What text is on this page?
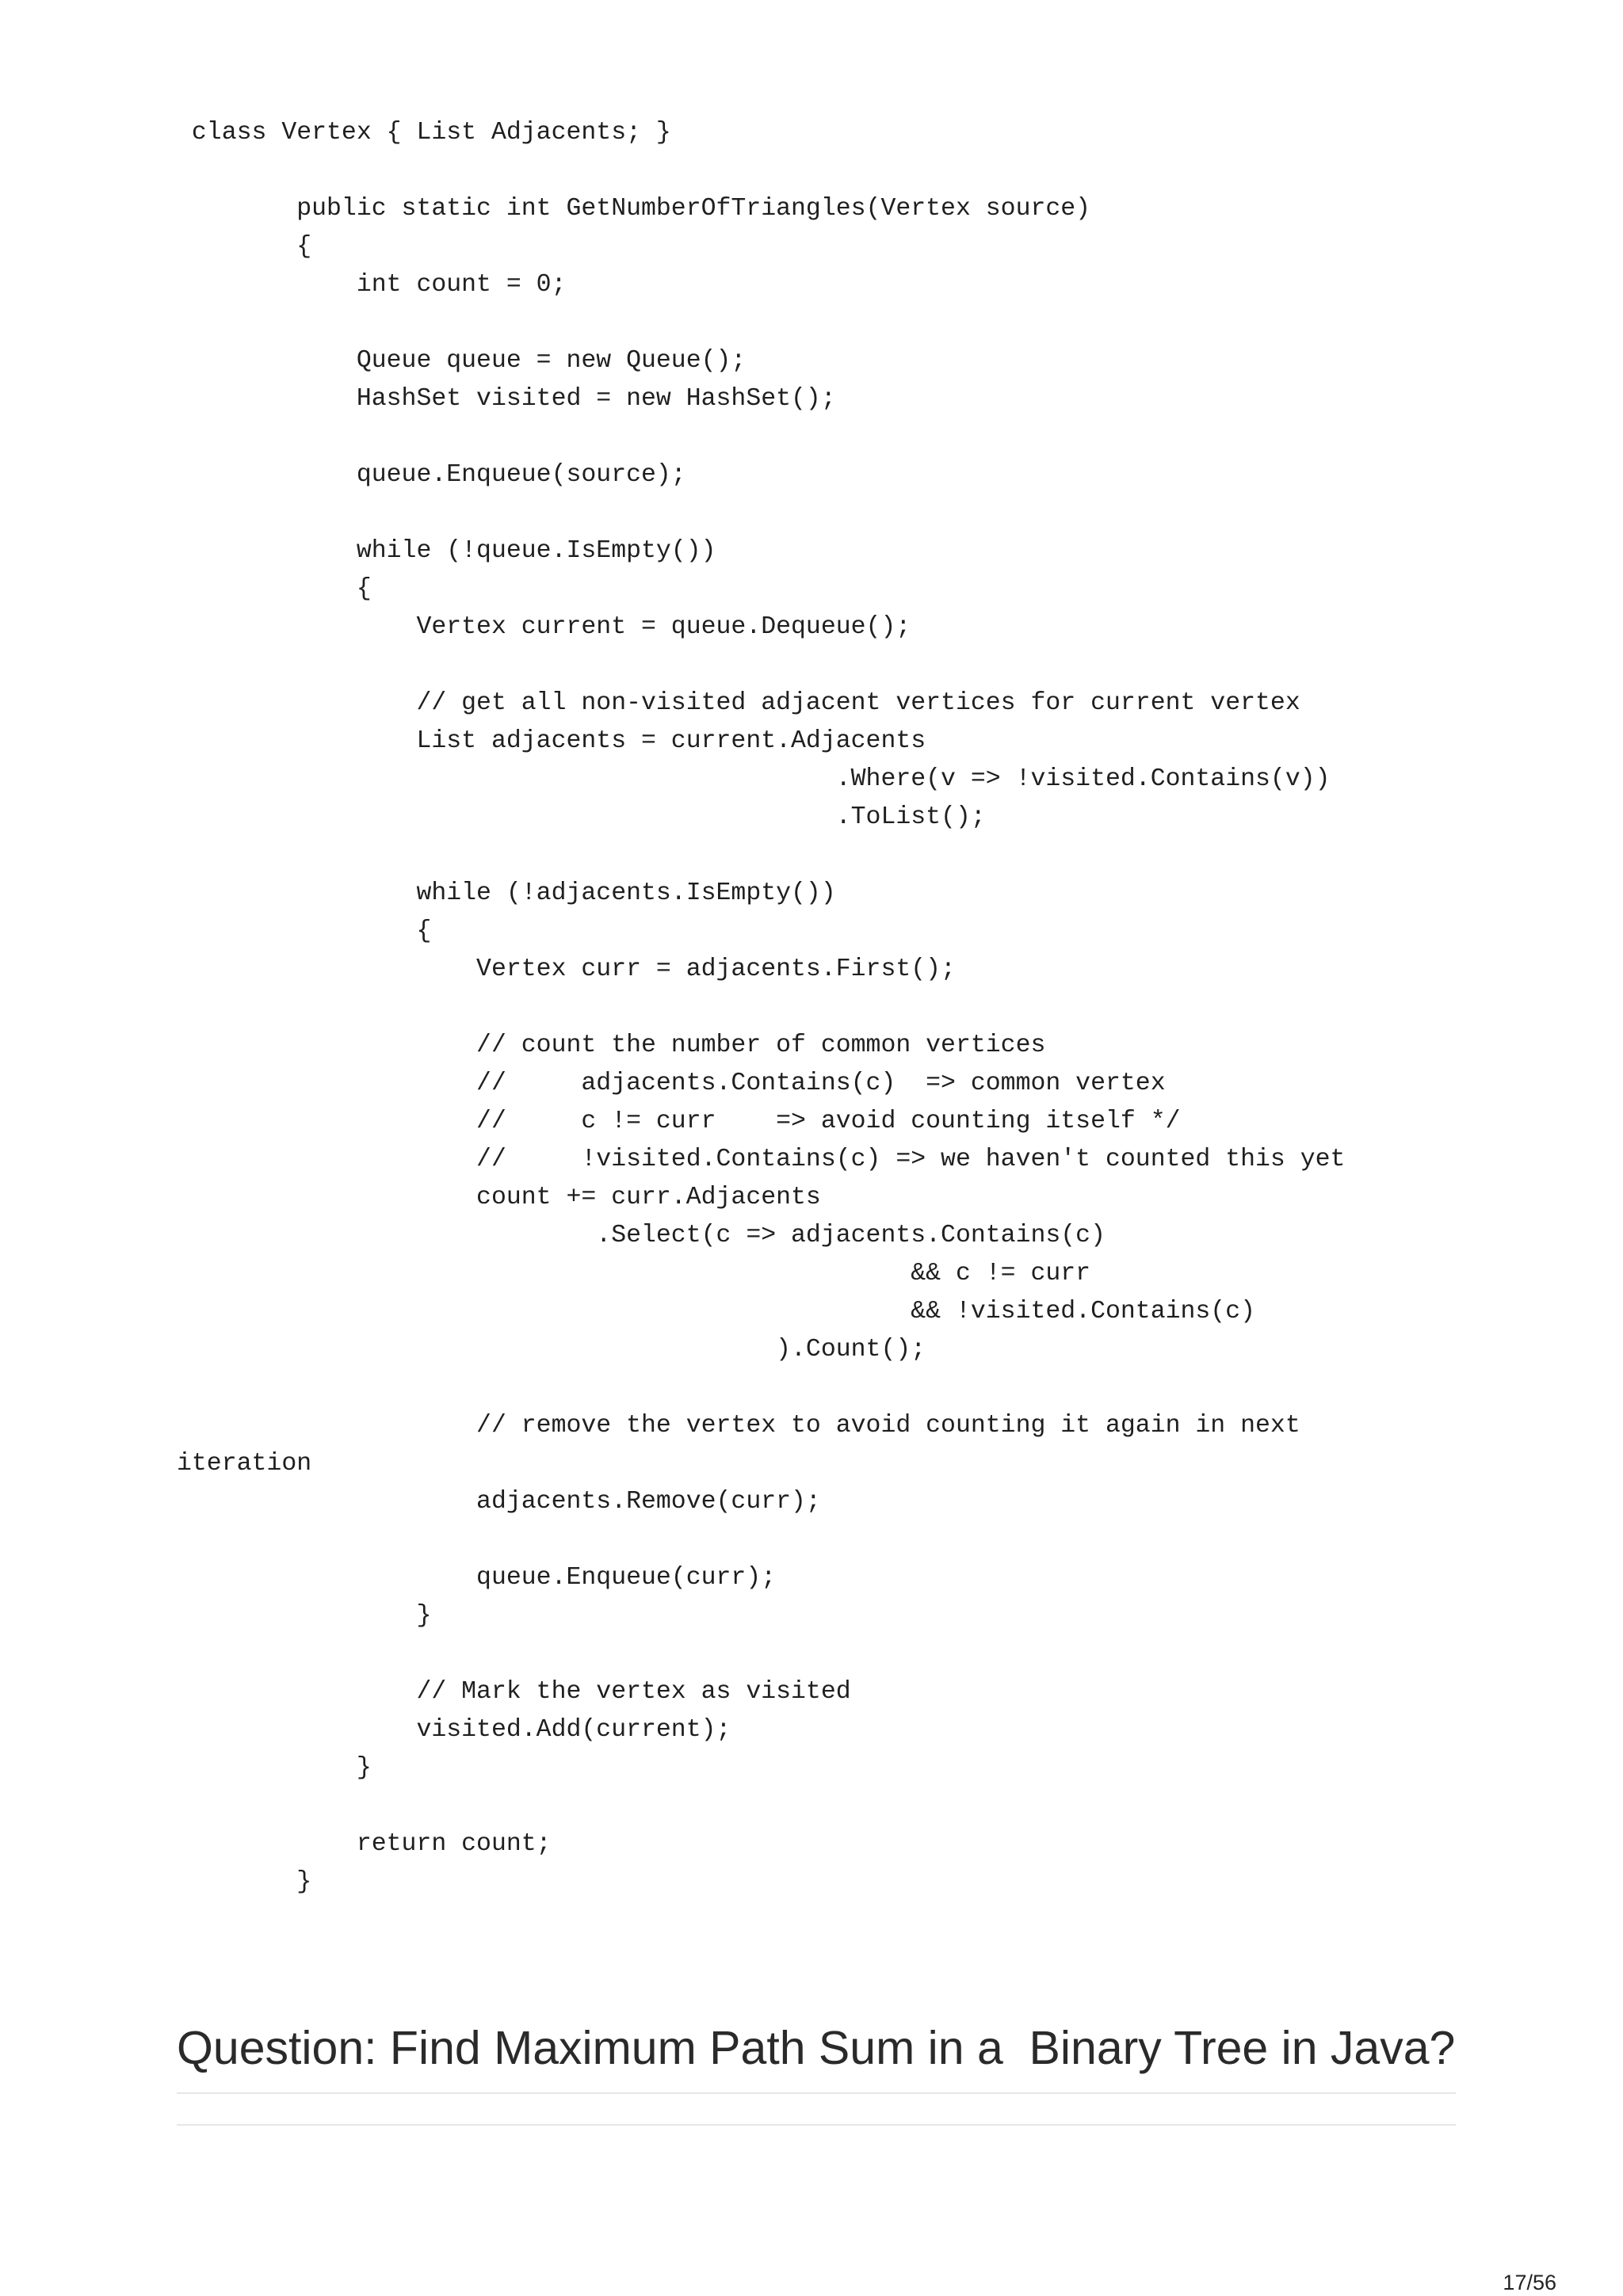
class Vertex { List Adjacents; }
public static int GetNumberOfTriangles(Vertex source)
{
int count = 0;
Queue queue = new Queue();
HashSet visited = new HashSet();
queue.Enqueue(source);
while (!queue.IsEmpty())
{
Vertex current = queue.Dequeue();
// get all non-visited adjacent vertices for current vertex
List adjacents = current.Adjacents
.Where(v => !visited.Contains(v))
.ToList();
while (!adjacents.IsEmpty())
{
Vertex curr = adjacents.First();
// count the number of common vertices
//     adjacents.Contains(c)  => common vertex
//     c != curr    => avoid counting itself */
//     !visited.Contains(c) => we haven't counted this yet
count += curr.Adjacents
.Select(c => adjacents.Contains(c)
&& c != curr
&& !visited.Contains(c)
).Count();
// remove the vertex to avoid counting it again in next
iteration
adjacents.Remove(curr);
queue.Enqueue(curr);
}
// Mark the vertex as visited
visited.Add(current);
}
return count;
}
Question: Find Maximum Path Sum in a  Binary Tree in Java?
17/56
